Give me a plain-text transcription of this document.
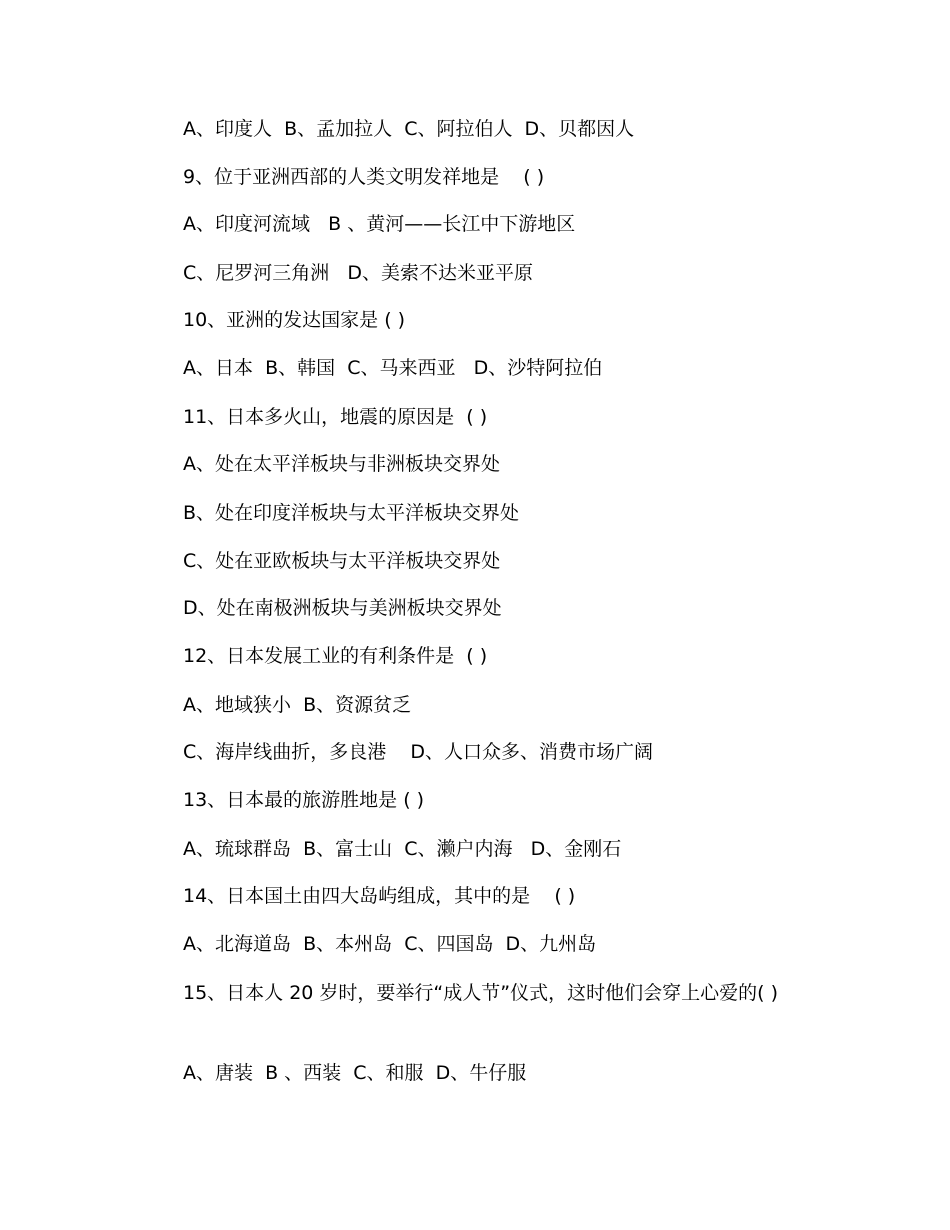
A、印度人  B、孟加拉人  C、阿拉伯人  D、贝都因人
9、位于亚洲西部的人类文明发祥地是    ( )
A、印度河流域   B 、黄河——长江中下游地区
C、尼罗河三角洲   D、美索不达米亚平原
10、亚洲的发达国家是 ( )
A、日本  B、韩国  C、马来西亚   D、沙特阿拉伯
11、日本多火山，地震的原因是  ( )
A、处在太平洋板块与非洲板块交界处
B、处在印度洋板块与太平洋板块交界处
C、处在亚欧板块与太平洋板块交界处
D、处在南极洲板块与美洲板块交界处
12、日本发展工业的有利条件是  ( )
A、地域狭小  B、资源贫乏
C、海岸线曲折，多良港    D、人口众多、消费市场广阔
13、日本最的旅游胜地是 ( )
A、琉球群岛  B、富士山  C、濑户内海   D、金刚石
14、日本国土由四大岛屿组成，其中的是    ( )
A、北海道岛  B、本州岛  C、四国岛  D、九州岛
15、日本人 20 岁时，要举行“成人节”仪式，这时他们会穿上心爱的( )
A、唐装  B 、西装  C、和服  D、牛仔服
